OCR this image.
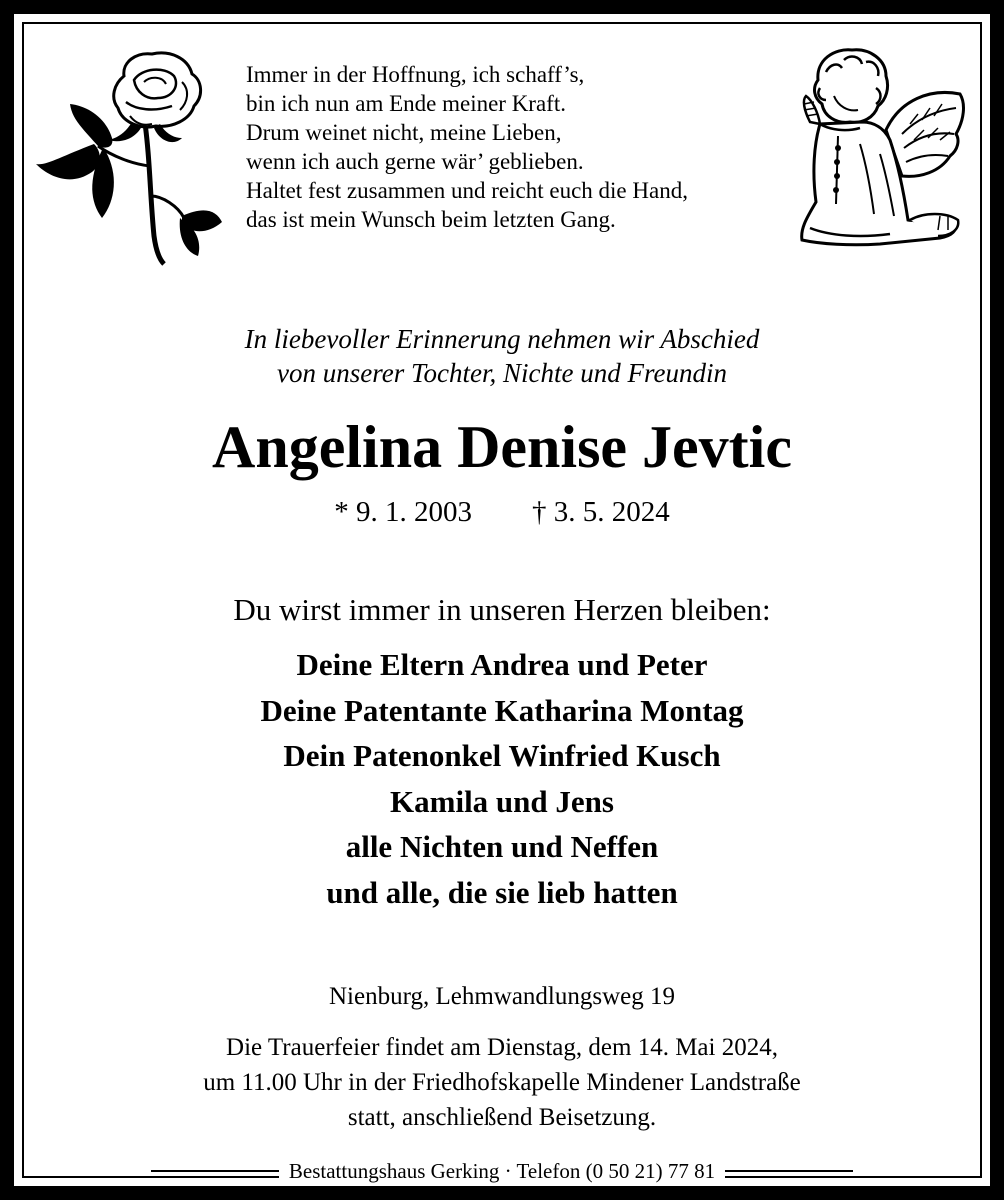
Immer in der Hoffnung, ich schaff’s,
bin ich nun am Ende meiner Kraft.
Drum weinet nicht, meine Lieben,
wenn ich auch gerne wär’ geblieben.
Haltet fest zusammen und reicht euch die Hand,
das ist mein Wunsch beim letzten Gang.
In liebevoller Erinnerung nehmen wir Abschied
von unserer Tochter, Nichte und Freundin
Angelina Denise Jevtic
* 9. 1. 2003 † 3. 5. 2024
Du wirst immer in unseren Herzen bleiben:
Deine Eltern Andrea und Peter
Deine Patentante Katharina Montag
Dein Patenonkel Winfried Kusch
Kamila und Jens
alle Nichten und Neffen
und alle, die sie lieb hatten
Nienburg, Lehmwandlungsweg 19
Die Trauerfeier findet am Dienstag, dem 14. Mai 2024,
um 11.00 Uhr in der Friedhofskapelle Mindener Landstraße
statt, anschließend Beisetzung.
Bestattungshaus Gerking · Telefon (0 50 21) 77 81
